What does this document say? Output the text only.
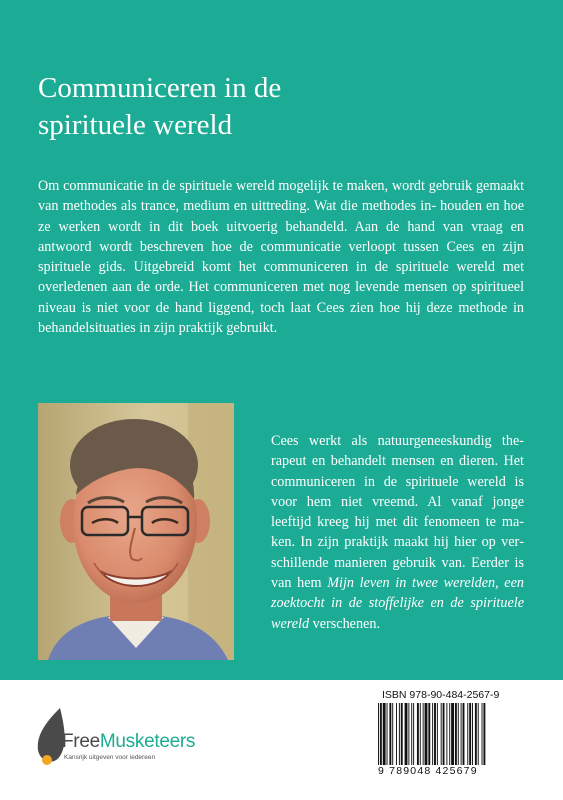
Communiceren in de
spirituele wereld
Om communicatie in de spirituele wereld mogelijk te maken, wordt gebruik gemaakt van methodes als trance, medium en uittreding. Wat die methodes in- houden en hoe ze werken wordt in dit boek uitvoerig behandeld. Aan de hand van vraag en antwoord wordt beschreven hoe de communicatie verloopt tussen Cees en zijn spirituele gids. Uitgebreid komt het communiceren in de spirituele wereld met overledenen aan de orde. Het communiceren met nog levende mensen op spiritueel niveau is niet voor de hand liggend, toch laat Cees zien hoe hij deze methode in behandelsituaties in zijn praktijk gebruikt.

Cees werkt als natuurgeneeskundig therapeut en behandelt mensen en dieren. Het communiceren in de spirituele wereld is voor hem niet vreemd. Al vanaf jonge leeftijd kreeg hij met dit fenomeen te maken. In zijn praktijk maakt hij hier op verschillende manieren gebruik van. Eerder is van hem Mijn leven in twee werelden, een zoektocht in de stoffelijke en de spirituele wereld verschenen.

FreeMusketeers
Kansrijk uitgeven voor iedereen
ISBN 978-90-484-2567-9
9 789048 425679
